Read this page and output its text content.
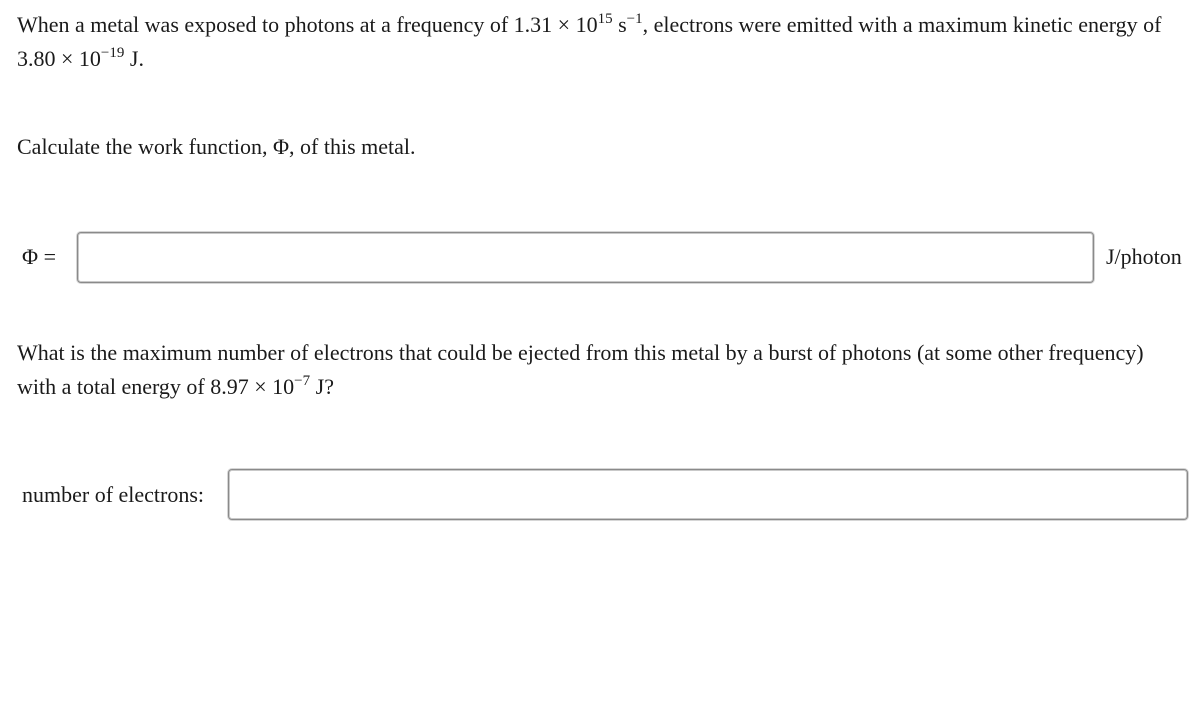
When a metal was exposed to photons at a frequency of $1.31 \times 10^{15}$ $s^{-1}$, electrons were emitted with a maximum kinetic energy of $3.80 \times 10^{-19}$ J.

Calculate the work function, Φ, of this metal.

Φ =	J/photon

What is the maximum number of electrons that could be ejected from this metal by a burst of photons (at some other frequency) with a total energy of $8.97 \times 10^{-7}$ J?

number of electrons:
